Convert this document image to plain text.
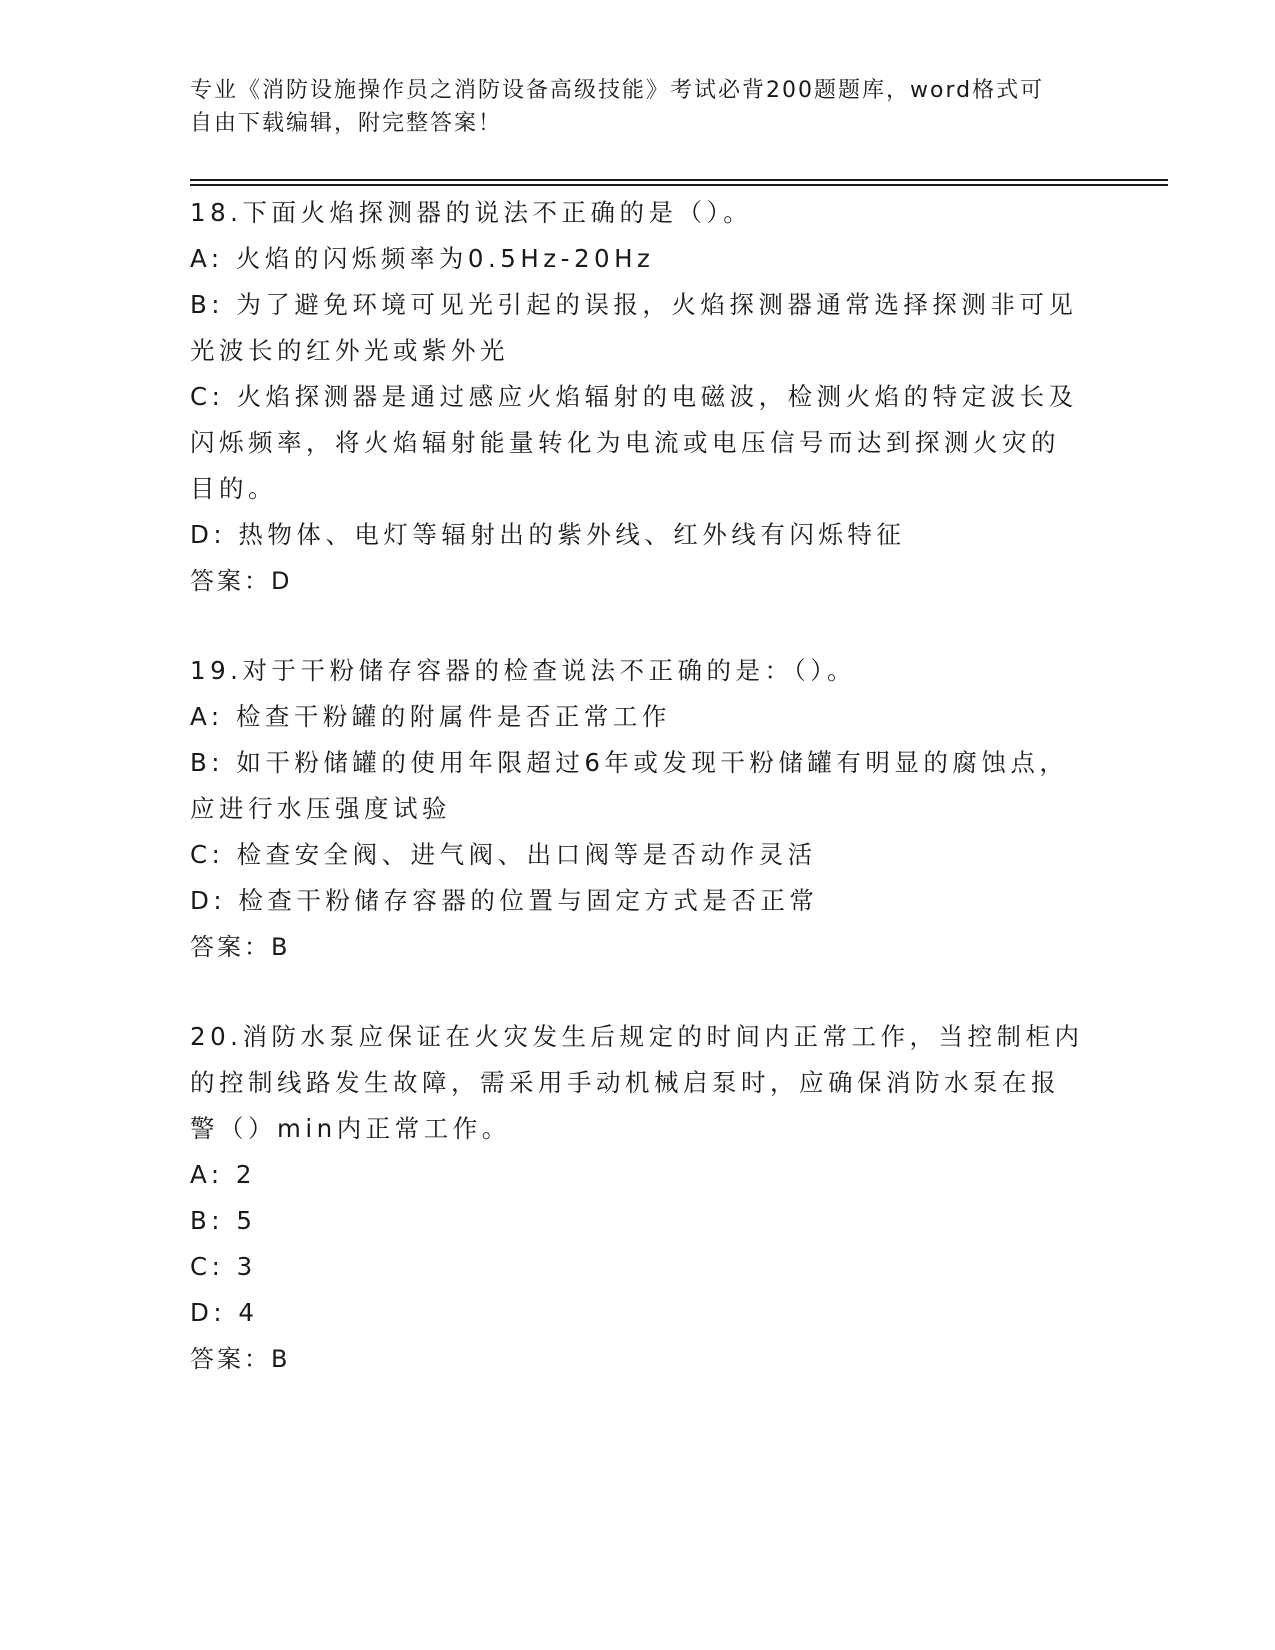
专业《消防设施操作员之消防设备高级技能》考试必背200题题库，word格式可
自由下载编辑，附完整答案！
18.下面火焰探测器的说法不正确的是（）。
A: 火焰的闪烁频率为0.5Hz-20Hz
B: 为了避免环境可见光引起的误报，火焰探测器通常选择探测非可见
光波长的红外光或紫外光
C: 火焰探测器是通过感应火焰辐射的电磁波，检测火焰的特定波长及
闪烁频率，将火焰辐射能量转化为电流或电压信号而达到探测火灾的
目的。
D: 热物体、电灯等辐射出的紫外线、红外线有闪烁特征
答案：D
19.对于干粉储存容器的检查说法不正确的是：（）。
A: 检查干粉罐的附属件是否正常工作
B: 如干粉储罐的使用年限超过6年或发现干粉储罐有明显的腐蚀点，
应进行水压强度试验
C: 检查安全阀、进气阀、出口阀等是否动作灵活
D: 检查干粉储存容器的位置与固定方式是否正常
答案：B
20.消防水泵应保证在火灾发生后规定的时间内正常工作，当控制柜内
的控制线路发生故障，需采用手动机械启泵时，应确保消防水泵在报
警（）min内正常工作。
A: 2
B: 5
C: 3
D: 4
答案：B
